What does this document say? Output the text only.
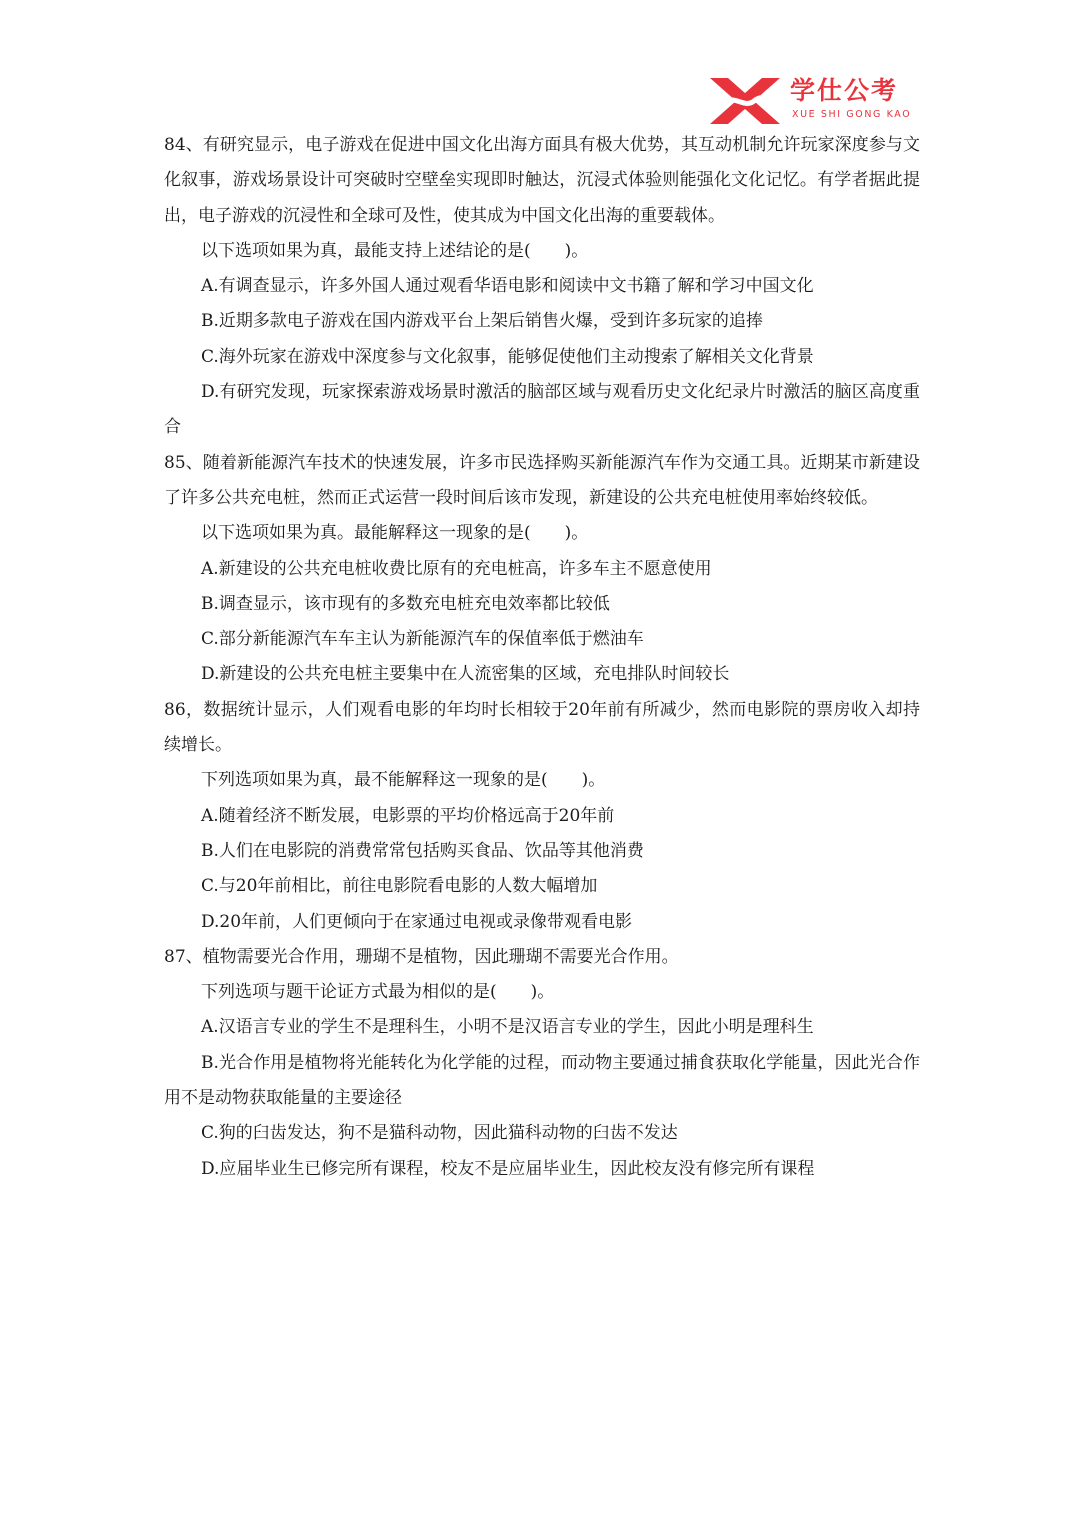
学仕公考
XUE SHI GONG KAO

84、有研究显示，电子游戏在促进中国文化出海方面具有极大优势，其互动机制允许玩家深度参与文化叙事，游戏场景设计可突破时空壁垒实现即时触达，沉浸式体验则能强化文化记忆。有学者据此提出，电子游戏的沉浸性和全球可及性，使其成为中国文化出海的重要载体。

以下选项如果为真，最能支持上述结论的是(　　)。

A.有调查显示，许多外国人通过观看华语电影和阅读中文书籍了解和学习中国文化

B.近期多款电子游戏在国内游戏平台上架后销售火爆，受到许多玩家的追捧

C.海外玩家在游戏中深度参与文化叙事，能够促使他们主动搜索了解相关文化背景

D.有研究发现，玩家探索游戏场景时激活的脑部区域与观看历史文化纪录片时激活的脑区高度重合

85、随着新能源汽车技术的快速发展，许多市民选择购买新能源汽车作为交通工具。近期某市新建设了许多公共充电桩，然而正式运营一段时间后该市发现，新建设的公共充电桩使用率始终较低。

以下选项如果为真。最能解释这一现象的是(　　)。

A.新建设的公共充电桩收费比原有的充电桩高，许多车主不愿意使用

B.调查显示，该市现有的多数充电桩充电效率都比较低

C.部分新能源汽车车主认为新能源汽车的保值率低于燃油车

D.新建设的公共充电桩主要集中在人流密集的区域，充电排队时间较长

86，数据统计显示，人们观看电影的年均时长相较于20年前有所减少，然而电影院的票房收入却持续增长。

下列选项如果为真，最不能解释这一现象的是(　　)。

A.随着经济不断发展，电影票的平均价格远高于20年前

B.人们在电影院的消费常常包括购买食品、饮品等其他消费

C.与20年前相比，前往电影院看电影的人数大幅增加

D.20年前，人们更倾向于在家通过电视或录像带观看电影

87、植物需要光合作用，珊瑚不是植物，因此珊瑚不需要光合作用。

下列选项与题干论证方式最为相似的是(　　)。

A.汉语言专业的学生不是理科生，小明不是汉语言专业的学生，因此小明是理科生

B.光合作用是植物将光能转化为化学能的过程，而动物主要通过捕食获取化学能量，因此光合作用不是动物获取能量的主要途径

C.狗的臼齿发达，狗不是猫科动物，因此猫科动物的臼齿不发达

D.应届毕业生已修完所有课程，校友不是应届毕业生，因此校友没有修完所有课程
